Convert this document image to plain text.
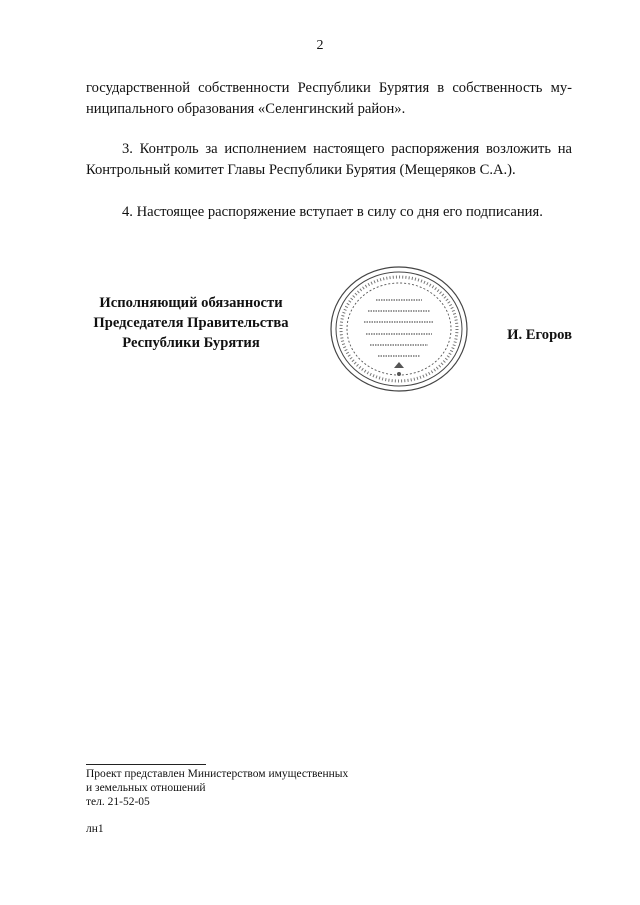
2
государственной собственности Республики Бурятия в собственность му-
ниципального образования «Селенгинский район».
3. Контроль за исполнением настоящего распоряжения возложить на
Контрольный комитет Главы Республики Бурятия (Мещеряков С.А.).
4. Настоящее распоряжение вступает в силу со дня его подписания.
Исполняющий обязанности
Председателя Правительства
Республики Бурятия	И. Егоров
Проект представлен Министерством имущественных
и земельных отношений
тел. 21-52-05
лн1
